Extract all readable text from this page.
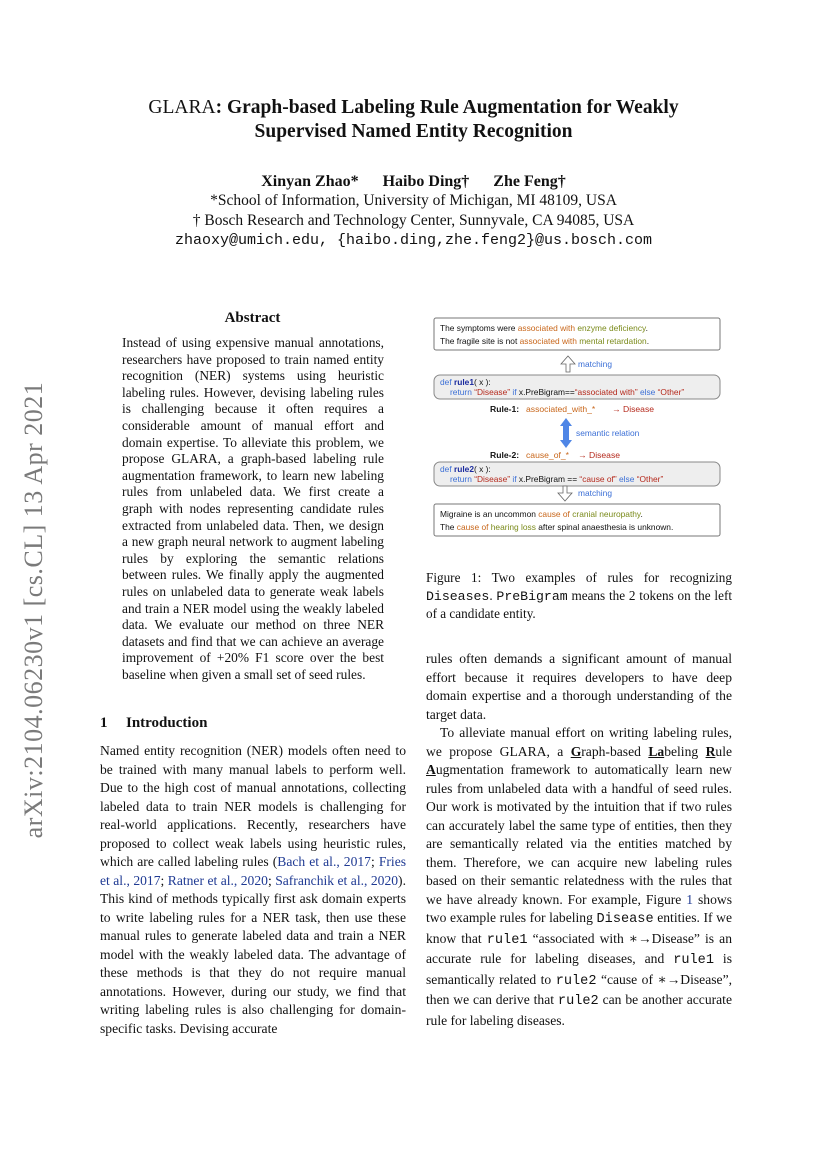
arXiv:2104.06230v1 [cs.CL] 13 Apr 2021
GLARA: Graph-based Labeling Rule Augmentation for Weakly
Supervised Named Entity Recognition
Xinyan Zhao* Haibo Ding† Zhe Feng†
*School of Information, University of Michigan, MI 48109, USA
† Bosch Research and Technology Center, Sunnyvale, CA 94085, USA
zhaoxy@umich.edu, {haibo.ding,zhe.feng2}@us.bosch.com
Abstract
Instead of using expensive manual annotations, researchers have proposed to train named entity recognition (NER) systems using heuristic labeling rules. However, devising labeling rules is challenging because it often requires a considerable amount of manual effort and domain expertise. To alleviate this problem, we propose GLARA, a graph-based labeling rule augmentation framework, to learn new labeling rules from unlabeled data. We first create a graph with nodes representing candidate rules extracted from unlabeled data. Then, we design a new graph neural network to augment labeling rules by exploring the semantic relations between rules. We finally apply the augmented rules on unlabeled data to generate weak labels and train a NER model using the weakly labeled data. We evaluate our method on three NER datasets and find that we can achieve an average improvement of +20% F1 score over the best baseline when given a small set of seed rules.
1 Introduction
Named entity recognition (NER) models often need to be trained with many manual labels to perform well. Due to the high cost of manual annotations, collecting labeled data to train NER models is challenging for real-world applications. Recently, researchers have proposed to collect weak labels using heuristic rules, which are called labeling rules (Bach et al., 2017; Fries et al., 2017; Ratner et al., 2020; Safranchik et al., 2020). This kind of methods typically first ask domain experts to write labeling rules for a NER task, then use these manual rules to generate labeled data and train a NER model with the weakly labeled data. The advantage of these methods is that they do not require manual annotations. However, during our study, we find that writing labeling rules is also challenging for domain-specific tasks. Devising accurate

rules often demands a significant amount of manual effort because it requires developers to have deep domain expertise and a thorough understanding of the target data.

To alleviate manual effort on writing labeling rules, we propose GLARA, a Graph-based Labeling Rule Augmentation framework to automatically learn new rules from unlabeled data with a handful of seed rules. Our work is motivated by the intuition that if two rules can accurately label the same type of entities, then they are semantically related via the entities matched by them. Therefore, we can acquire new labeling rules based on their semantic relatedness with the rules that we have already known. For example, Figure 1 shows two example rules for labeling Disease entities. If we know that rule1 “associated with ∗→Disease” is an accurate rule for labeling diseases, and rule1 is semantically related to rule2 “cause of ∗→Disease”, then we can derive that rule2 can be another accurate rule for labeling diseases.

The symptoms were associated with enzyme deficiency.
The fragile site is not associated with mental retardation.
matching
def rule1( x ):
return “Disease” if x.PreBigram==“associated with” else “Other”
Rule-1: associated_with_* → Disease
semantic relation
Rule-2: cause_of_* → Disease
def rule2( x ):
return “Disease” if x.PreBigram == “cause of” else “Other”
matching
Migraine is an uncommon cause of cranial neuropathy.
The cause of hearing loss after spinal anaesthesia is unknown.
Figure 1: Two examples of rules for recognizing Diseases. PreBigram means the 2 tokens on the left of a candidate entity.
